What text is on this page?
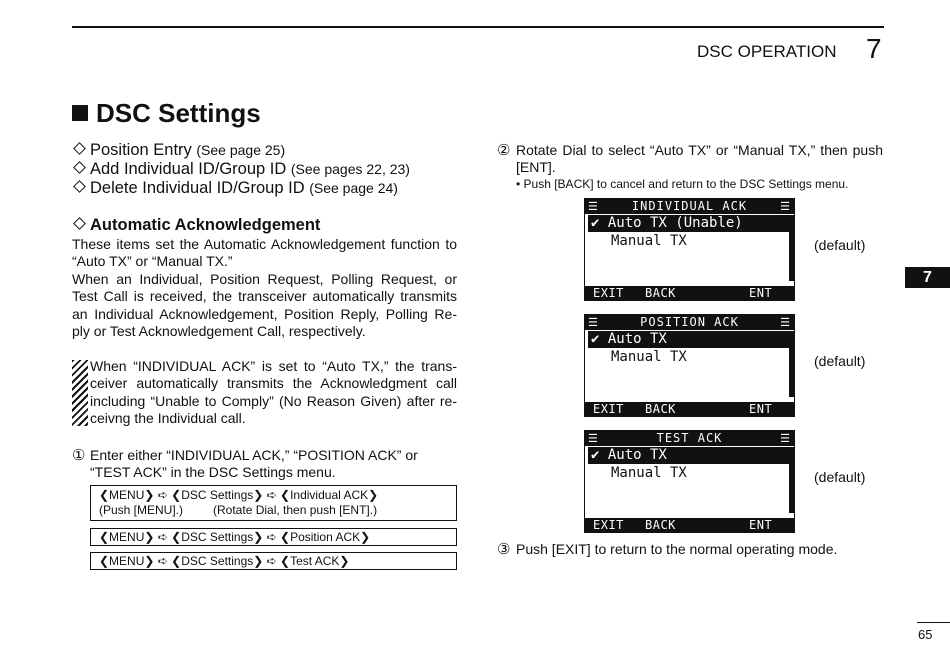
DSC OPERATION 7
DSC Settings
Position Entry (See page 25)
Add Individual ID/Group ID (See pages 22, 23)
Delete Individual ID/Group ID (See page 24)
Automatic Acknowledgement
These items set the Automatic Acknowledgement function to “Auto TX” or “Manual TX.”
When an Individual, Position Request, Polling Request, or Test Call is received, the transceiver automatically transmits an Individual Acknowledgement, Position Reply, Polling Re-ply or Test Acknowledgement Call, respectively.
When “INDIVIDUAL ACK” is set to “Auto TX,” the trans-ceiver automatically transmits the Acknowledgment call including “Unable to Comply” (No Reason Given) after re-ceivng the Individual call.
① Enter either “INDIVIDUAL ACK,” “POSITION ACK” or “TEST ACK” in the DSC Settings menu.
❮MENU❯ ➪ ❮DSC Settings❯ ➪ ❮Individual ACK❯
(Push [MENU].)	(Rotate Dial, then push [ENT].)
❮MENU❯ ➪ ❮DSC Settings❯ ➪ ❮Position ACK❯
❮MENU❯ ➪ ❮DSC Settings❯ ➪ ❮Test ACK❯
② Rotate Dial to select “Auto TX” or “Manual TX,” then push [ENT].
• Push [BACK] to cancel and return to the DSC Settings menu.
☰	INDIVIDUAL ACK	☰
✔ Auto TX (Unable)
Manual TX
EXIT BACK	ENT
(default)
☰	POSITION ACK	☰
✔ Auto TX
Manual TX
EXIT BACK	ENT
(default)
☰	TEST ACK	☰
✔ Auto TX
Manual TX
EXIT BACK	ENT
(default)
③ Push [EXIT] to return to the normal operating mode.
7
65
